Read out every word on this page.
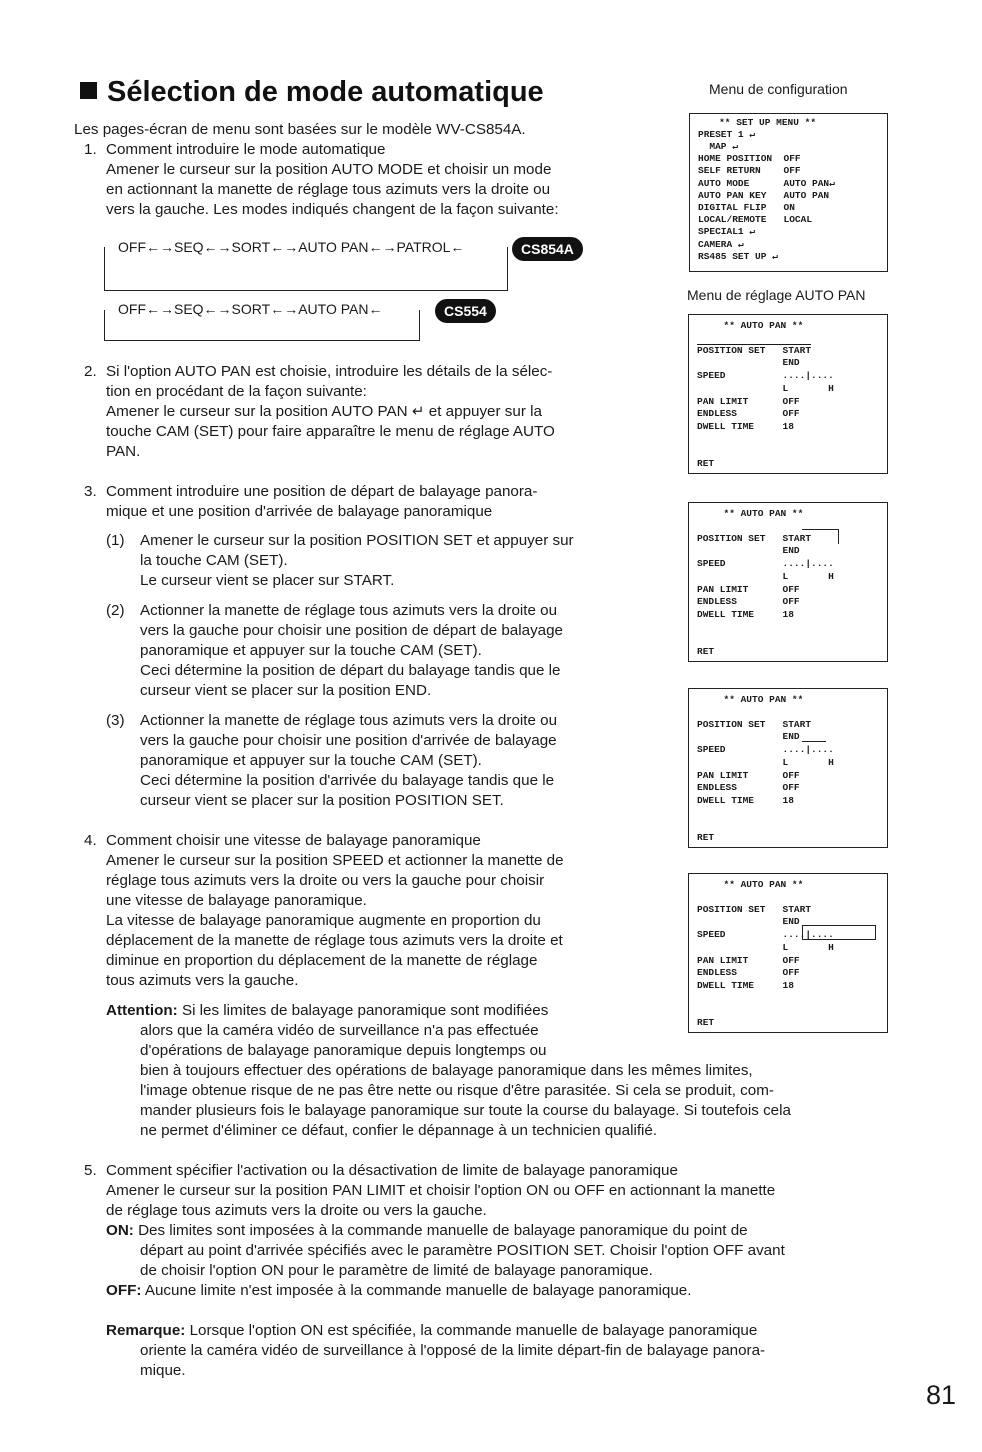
Sélection de mode automatique
Les pages-écran de menu sont basées sur le modèle WV-CS854A.
1. Comment introduire le mode automatique
Amener le curseur sur la position AUTO MODE et choisir un mode
en actionnant la manette de réglage tous azimuts vers la droite ou
vers la gauche. Les modes indiqués changent de la façon suivante:
OFF←→SEQ←→SORT←→AUTO PAN←→PATROL←	CS854A
OFF←→SEQ←→SORT←→AUTO PAN←	CS554
2. Si l'option AUTO PAN est choisie, introduire les détails de la sélec-
tion en procédant de la façon suivante:
Amener le curseur sur la position AUTO PAN ↵ et appuyer sur la
touche CAM (SET) pour faire apparaître le menu de réglage AUTO
PAN.
3. Comment introduire une position de départ de balayage panora-
mique et une position d'arrivée de balayage panoramique
(1) Amener le curseur sur la position POSITION SET et appuyer sur
la touche CAM (SET).
Le curseur vient se placer sur START.
(2) Actionner la manette de réglage tous azimuts vers la droite ou
vers la gauche pour choisir une position de départ de balayage
panoramique et appuyer sur la touche CAM (SET).
Ceci détermine la position de départ du balayage tandis que le
curseur vient se placer sur la position END.
(3) Actionner la manette de réglage tous azimuts vers la droite ou
vers la gauche pour choisir une position d'arrivée de balayage
panoramique et appuyer sur la touche CAM (SET).
Ceci détermine la position d'arrivée du balayage tandis que le
curseur vient se placer sur la position POSITION SET.
4. Comment choisir une vitesse de balayage panoramique
Amener le curseur sur la position SPEED et actionner la manette de
réglage tous azimuts vers la droite ou vers la gauche pour choisir
une vitesse de balayage panoramique.
La vitesse de balayage panoramique augmente en proportion du
déplacement de la manette de réglage tous azimuts vers la droite et
diminue en proportion du déplacement de la manette de réglage
tous azimuts vers la gauche.
Attention: Si les limites de balayage panoramique sont modifiées
alors que la caméra vidéo de surveillance n'a pas effectuée
d'opérations de balayage panoramique depuis longtemps ou
bien à toujours effectuer des opérations de balayage panoramique dans les mêmes limites,
l'image obtenue risque de ne pas être nette ou risque d'être parasitée. Si cela se produit, com-
mander plusieurs fois le balayage panoramique sur toute la course du balayage. Si toutefois cela
ne permet d'éliminer ce défaut, confier le dépannage à un technicien qualifié.
5. Comment spécifier l'activation ou la désactivation de limite de balayage panoramique
Amener le curseur sur la position PAN LIMIT et choisir l'option ON ou OFF en actionnant la manette
de réglage tous azimuts vers la droite ou vers la gauche.
ON: Des limites sont imposées à la commande manuelle de balayage panoramique du point de
départ au point d'arrivée spécifiés avec le paramètre POSITION SET. Choisir l'option OFF avant
de choisir l'option ON pour le paramètre de limité de balayage panoramique.
OFF: Aucune limite n'est imposée à la commande manuelle de balayage panoramique.
Remarque: Lorsque l'option ON est spécifiée, la commande manuelle de balayage panoramique
oriente la caméra vidéo de surveillance à l'opposé de la limite départ-fin de balayage panora-
mique.
Menu de configuration
** SET UP MENU **
PRESET 1 ↵
MAP ↵
HOME POSITION  OFF
SELF RETURN    OFF
AUTO MODE      AUTO PAN↵
AUTO PAN KEY   AUTO PAN
DIGITAL FLIP   ON
LOCAL/REMOTE   LOCAL
SPECIAL1 ↵
CAMERA ↵
RS485 SET UP ↵
Menu de réglage AUTO PAN
** AUTO PAN **
POSITION SET   START
END
SPEED          ....|....
L       H
PAN LIMIT      OFF
ENDLESS        OFF
DWELL TIME     18
RET
** AUTO PAN **
POSITION SET   START
END
SPEED          ....|....
L       H
PAN LIMIT      OFF
ENDLESS        OFF
DWELL TIME     18
RET
** AUTO PAN **
POSITION SET   START
END
SPEED          ....|....
L       H
PAN LIMIT      OFF
ENDLESS        OFF
DWELL TIME     18
RET
** AUTO PAN **
POSITION SET   START
END
SPEED          ....|....
L       H
PAN LIMIT      OFF
ENDLESS        OFF
DWELL TIME     18
RET
81
